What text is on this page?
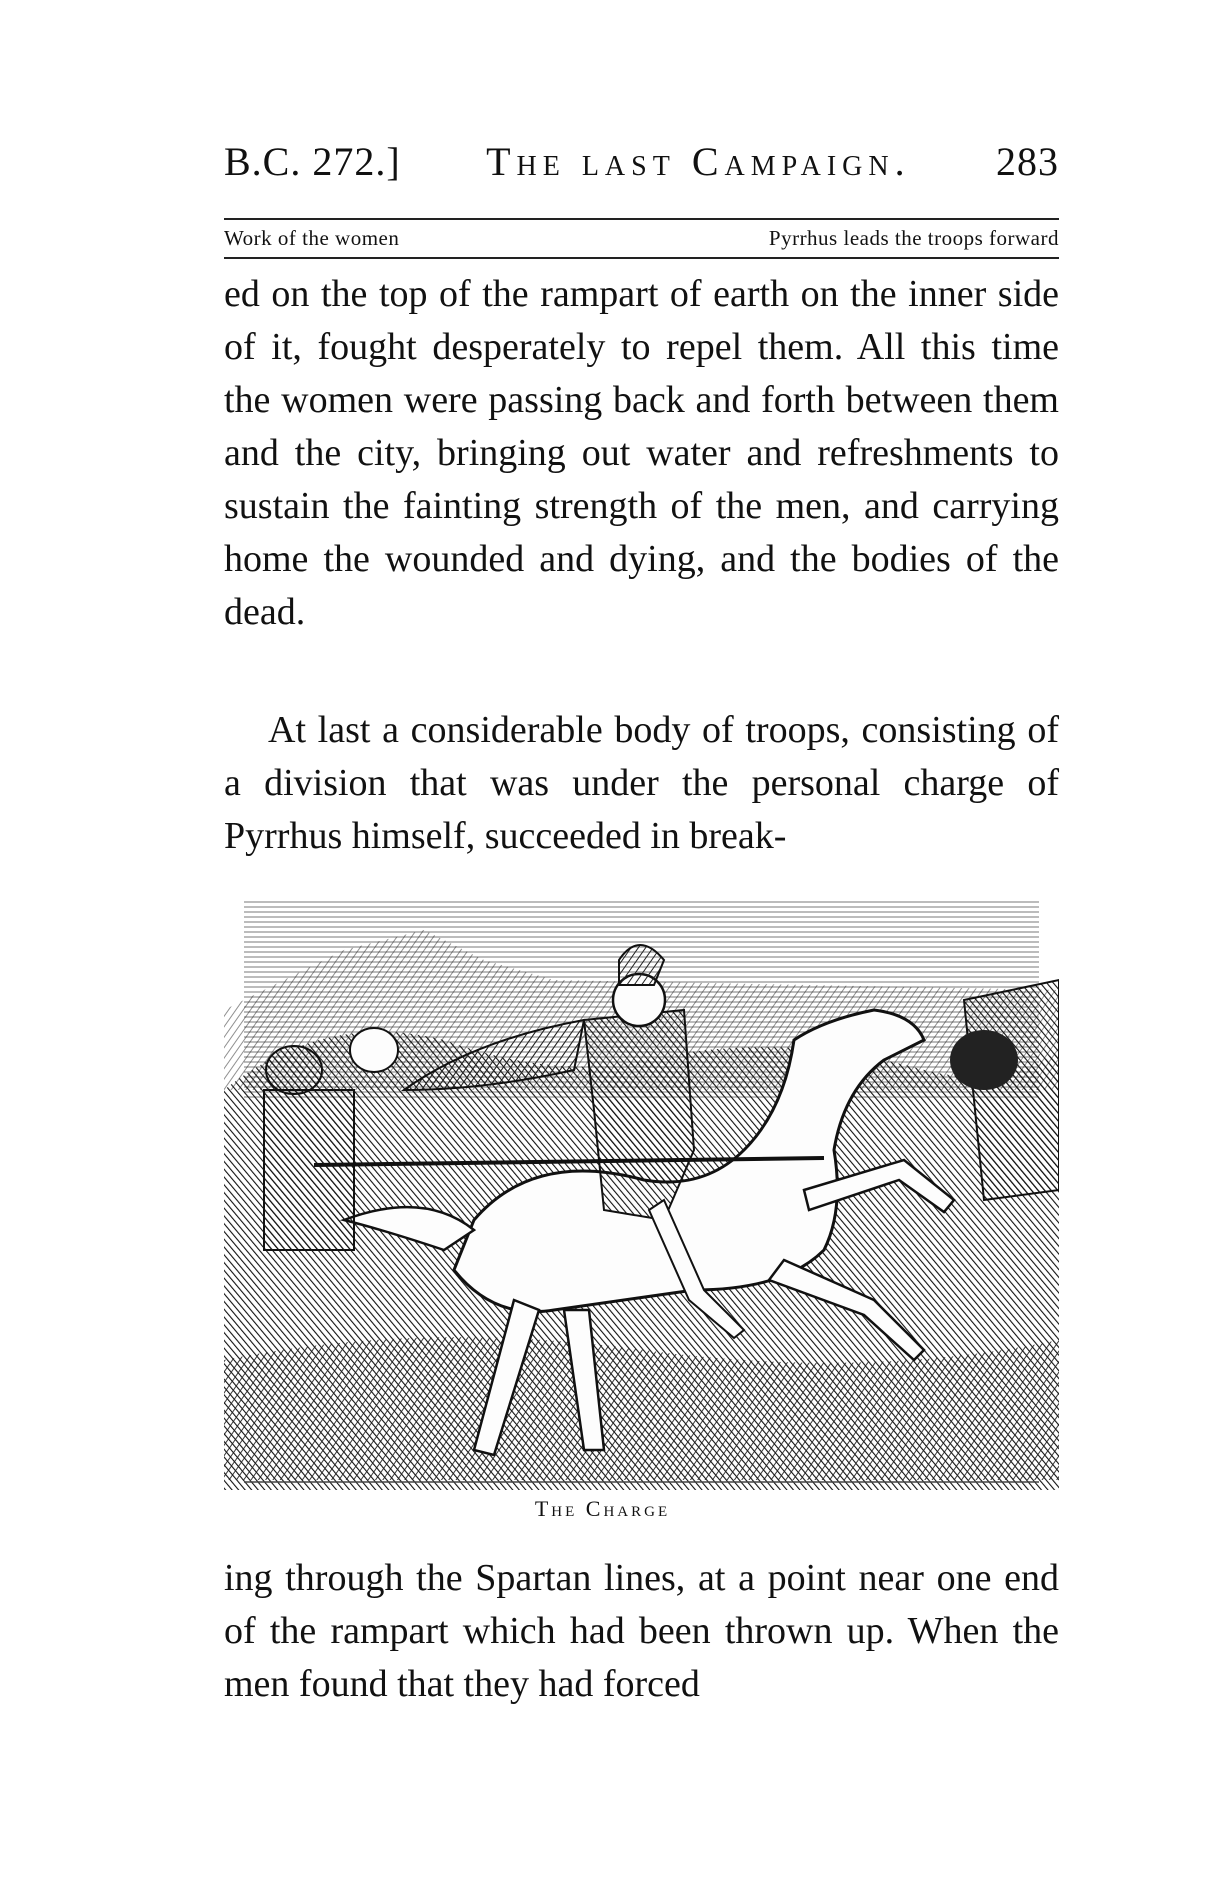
B.C. 272.] The last Campaign. 283
Work of the women	Pyrrhus leads the troops forward

ed on the top of the rampart of earth on the inner side of it, fought desperately to repel them. All this time the women were passing back and forth between them and the city, bringing out water and refreshments to sustain the fainting strength of the men, and carrying home the wounded and dying, and the bodies of the dead.

At last a considerable body of troops, consisting of a division that was under the personal charge of Pyrrhus himself, succeeded in break-

The Charge

ing through the Spartan lines, at a point near one end of the rampart which had been thrown up. When the men found that they had forced
